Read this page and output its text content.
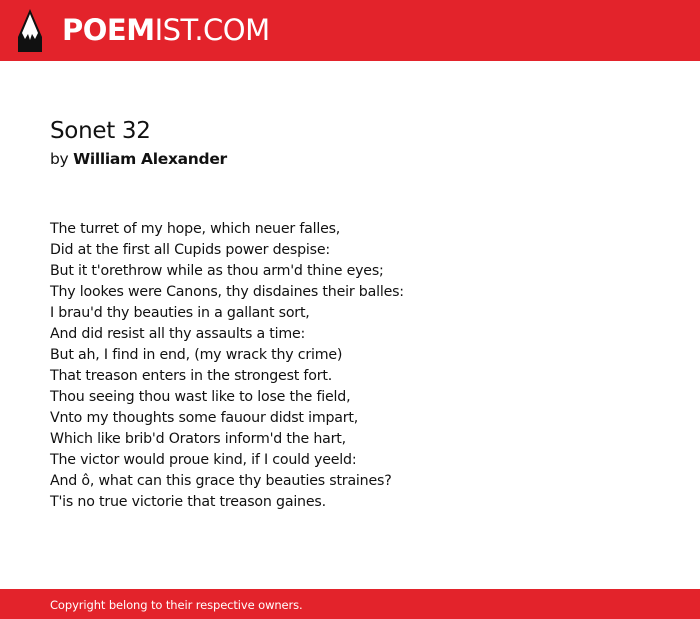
POEMIST.COM
Sonet 32
by William Alexander
The turret of my hope, which neuer falles,
Did at the first all Cupids power despise:
But it t'orethrow while as thou arm'd thine eyes;
Thy lookes were Canons, thy disdaines their balles:
I brau'd thy beauties in a gallant sort,
And did resist all thy assaults a time:
But ah, I find in end, (my wrack thy crime)
That treason enters in the strongest fort.
Thou seeing thou wast like to lose the field,
Vnto my thoughts some fauour didst impart,
Which like brib'd Orators inform'd the hart,
The victor would proue kind, if I could yeeld:
And ô, what can this grace thy beauties straines?
T'is no true victorie that treason gaines.
Copyright belong to their respective owners.
